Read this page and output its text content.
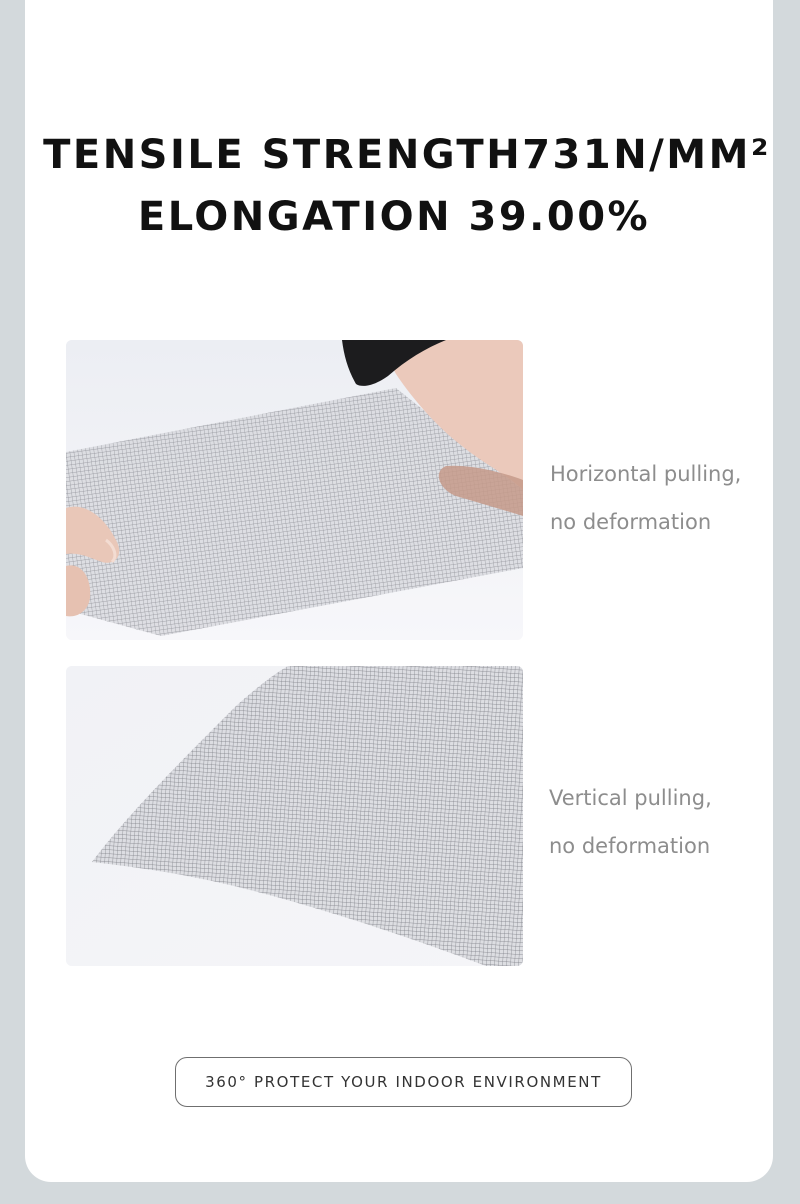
TENSILE STRENGTH731N/MM²
ELONGATION 39.00%
Horizontal pulling,
no deformation
Vertical pulling,
no deformation
360° PROTECT YOUR INDOOR ENVIRONMENT
